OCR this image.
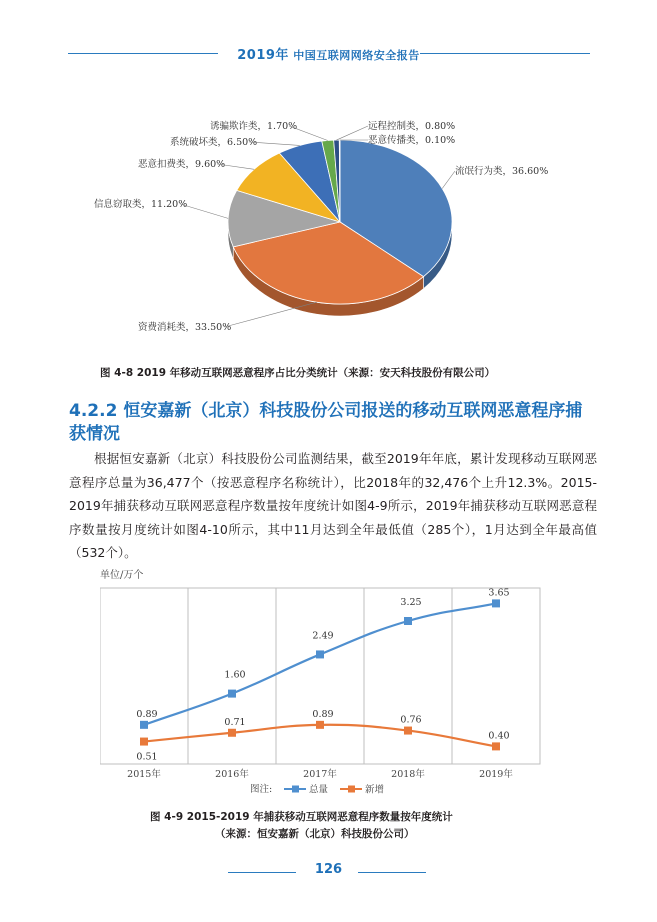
2019年 中国互联网网络安全报告
流氓行为类，36.60%
资费消耗类，33.50%
信息窃取类，11.20%
恶意扣费类，9.60%
系统破坏类，6.50%
诱骗欺诈类，1.70%	远程控制类，0.80%
恶意传播类，0.10%
图 4-8 2019 年移动互联网恶意程序占比分类统计（来源：安天科技股份有限公司）
4.2.2 恒安嘉新（北京）科技股份公司报送的移动互联网恶意程序捕获情况

根据恒安嘉新（北京）科技股份公司监测结果，截至2019年年底，累计发现移动互联网恶意程序总量为36,477个（按恶意程序名称统计），比2018年的32,476个上升12.3%。2015-2019年捕获移动互联网恶意程序数量按年度统计如图4-9所示，2019年捕获移动互联网恶意程序数量按月度统计如图4-10所示，其中11月达到全年最低值（285个），1月达到全年最高值（532个）。

单位/万个
2015年	2016年	2017年	2018年	2019年
0.89
1.60
2.49
3.25
3.65
0.51
0.71
0.89
0.76
0.40
图注:	总量	新增
图 4-9 2015-2019 年捕获移动互联网恶意程序数量按年度统计
（来源：恒安嘉新（北京）科技股份公司）
126
